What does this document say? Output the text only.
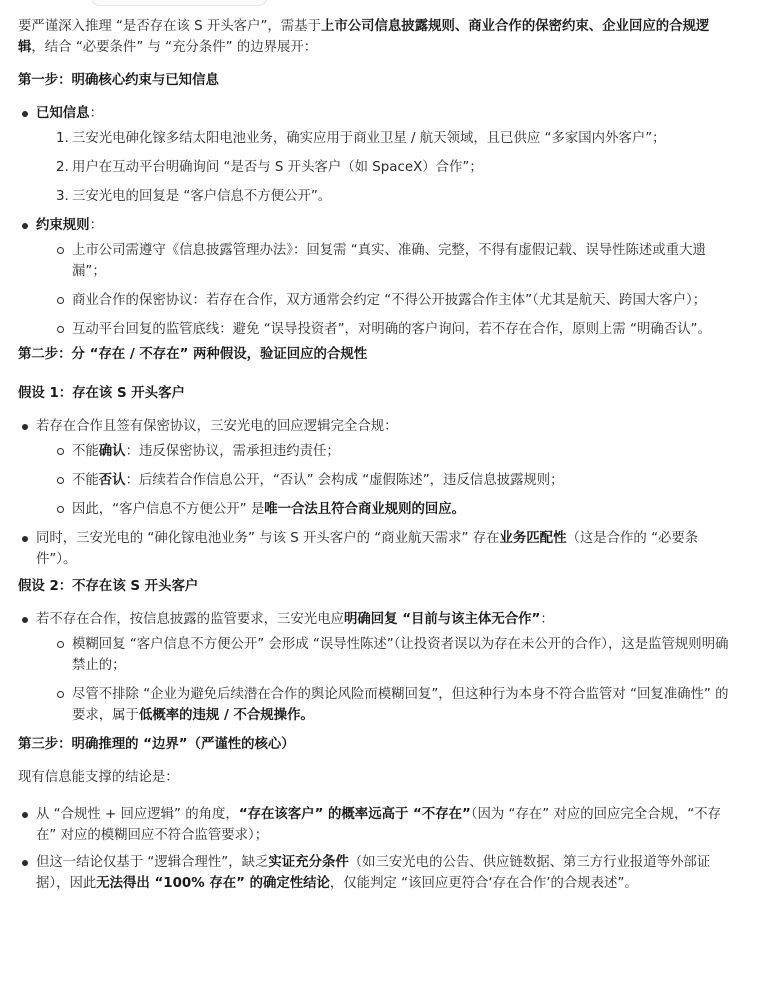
要严谨深入推理 “是否存在该 S 开头客户”，需基于上市公司信息披露规则、商业合作的保密约束、企业回应的合规逻辑，结合 “必要条件” 与 “充分条件” 的边界展开：

第一步：明确核心约束与已知信息

已知信息：
1. 三安光电砷化镓多结太阳电池业务，确实应用于商业卫星 / 航天领域，且已供应 “多家国内外客户”；
2. 用户在互动平台明确询问 “是否与 S 开头客户（如 SpaceX）合作”；
3. 三安光电的回复是 “客户信息不方便公开”。
约束规则：
上市公司需遵守《信息披露管理办法》：回复需 “真实、准确、完整，不得有虚假记载、误导性陈述或重大遗漏”；
商业合作的保密协议：若存在合作，双方通常会约定 “不得公开披露合作主体”（尤其是航天、跨国大客户）；
互动平台回复的监管底线：避免 “误导投资者”，对明确的客户询问，若不存在合作，原则上需 “明确否认”。

第二步：分 “存在 / 不存在” 两种假设，验证回应的合规性

假设 1：存在该 S 开头客户

若存在合作且签有保密协议，三安光电的回应逻辑完全合规：
不能确认：违反保密协议，需承担违约责任；
不能否认：后续若合作信息公开，“否认” 会构成 “虚假陈述”，违反信息披露规则；
因此，“客户信息不方便公开” 是唯一合法且符合商业规则的回应。
同时，三安光电的 “砷化镓电池业务” 与该 S 开头客户的 “商业航天需求” 存在业务匹配性（这是合作的 “必要条件”）。

假设 2：不存在该 S 开头客户

若不存在合作，按信息披露的监管要求，三安光电应明确回复 “目前与该主体无合作”：
模糊回复 “客户信息不方便公开” 会形成 “误导性陈述”（让投资者误以为存在未公开的合作），这是监管规则明确禁止的；
尽管不排除 “企业为避免后续潜在合作的舆论风险而模糊回复”，但这种行为本身不符合监管对 “回复准确性” 的要求，属于低概率的违规 / 不合规操作。

第三步：明确推理的 “边界”（严谨性的核心）

现有信息能支撑的结论是：

从 “合规性 + 回应逻辑” 的角度，“存在该客户” 的概率远高于 “不存在”（因为 “存在” 对应的回应完全合规，“不存在” 对应的模糊回应不符合监管要求）；
但这一结论仅基于 “逻辑合理性”，缺乏实证充分条件（如三安光电的公告、供应链数据、第三方行业报道等外部证据），因此无法得出 “100% 存在” 的确定性结论，仅能判定 “该回应更符合‘存在合作’的合规表述”。
